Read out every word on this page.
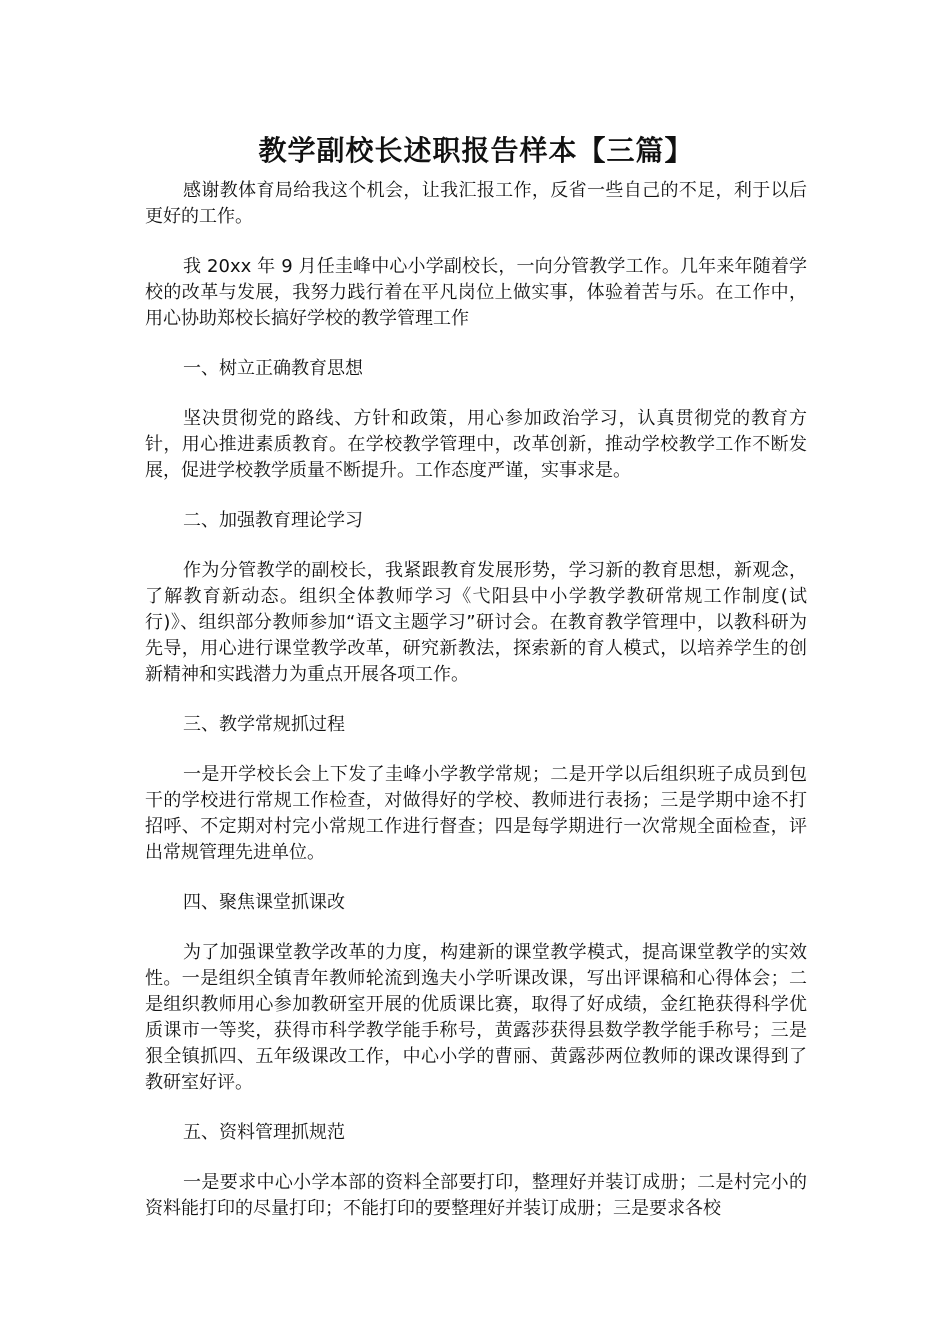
教学副校长述职报告样本【三篇】

感谢教体育局给我这个机会，让我汇报工作，反省一些自己的不足，利于以后更好的工作。

我 20xx 年 9 月任圭峰中心小学副校长，一向分管教学工作。几年来年随着学校的改革与发展，我努力践行着在平凡岗位上做实事，体验着苦与乐。在工作中，用心协助郑校长搞好学校的教学管理工作

一、树立正确教育思想

坚决贯彻党的路线、方针和政策，用心参加政治学习，认真贯彻党的教育方针，用心推进素质教育。在学校教学管理中，改革创新，推动学校教学工作不断发展，促进学校教学质量不断提升。工作态度严谨，实事求是。

二、加强教育理论学习

作为分管教学的副校长，我紧跟教育发展形势，学习新的教育思想，新观念，了解教育新动态。组织全体教师学习《弋阳县中小学教学教研常规工作制度(试行)》、组织部分教师参加“语文主题学习”研讨会。在教育教学管理中，以教科研为先导，用心进行课堂教学改革，研究新教法，探索新的育人模式，以培养学生的创新精神和实践潜力为重点开展各项工作。

三、教学常规抓过程

一是开学校长会上下发了圭峰小学教学常规；二是开学以后组织班子成员到包干的学校进行常规工作检查，对做得好的学校、教师进行表扬；三是学期中途不打招呼、不定期对村完小常规工作进行督查；四是每学期进行一次常规全面检查，评出常规管理先进单位。

四、聚焦课堂抓课改

为了加强课堂教学改革的力度，构建新的课堂教学模式，提高课堂教学的实效性。一是组织全镇青年教师轮流到逸夫小学听课改课，写出评课稿和心得体会；二是组织教师用心参加教研室开展的优质课比赛，取得了好成绩，金红艳获得科学优质课市一等奖，获得市科学教学能手称号，黄露莎获得县数学教学能手称号；三是狠全镇抓四、五年级课改工作，中心小学的曹丽、黄露莎两位教师的课改课得到了教研室好评。

五、资料管理抓规范

一是要求中心小学本部的资料全部要打印，整理好并装订成册；二是村完小的资料能打印的尽量打印；不能打印的要整理好并装订成册；三是要求各校
